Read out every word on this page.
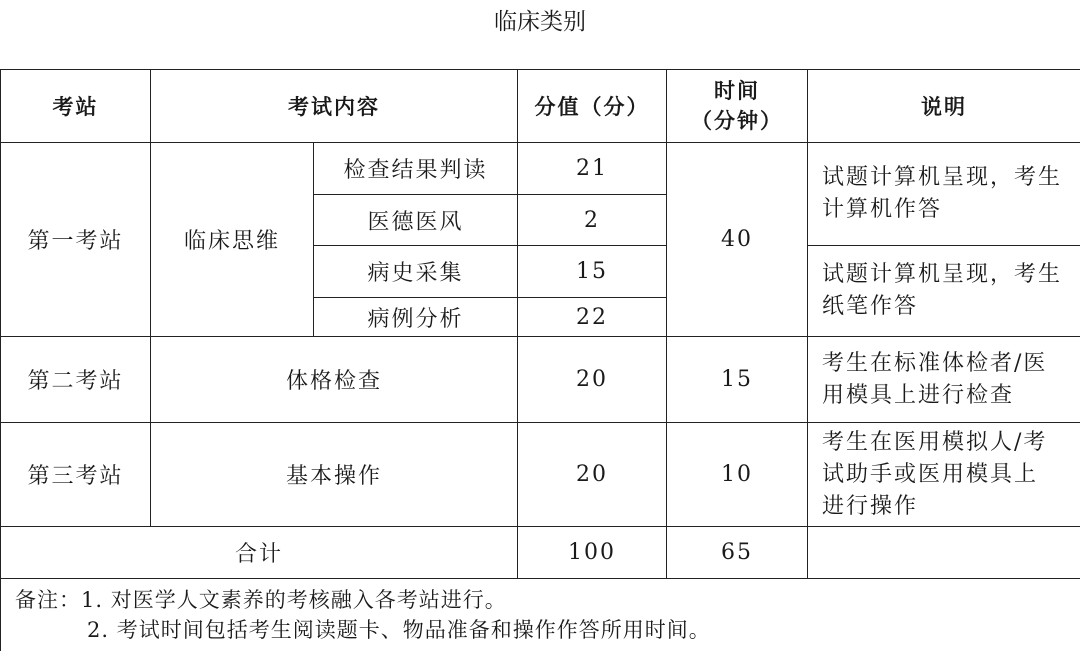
临床类别
考站	考试内容		分值（分）	时间
（分钟）	说明
第一考站	临床思维	检查结果判读	21	40	试题计算机呈现，考生
计算机作答

		医德医风	2		
		病史采集	15		试题计算机呈现，考生
纸笔作答

		病例分析	22		
第二考站	体格检查		20	15	考生在标准体检者/医
用模具上进行检查

第三考站	基本操作		20	10	考生在医用模拟人/考
试助手或医用模具上
进行操作

合计			100	65	

备注：1. 对医学人文素养的考核融入各考站进行。
2. 考试时间包括考生阅读题卡、物品准备和操作作答所用时间。					
